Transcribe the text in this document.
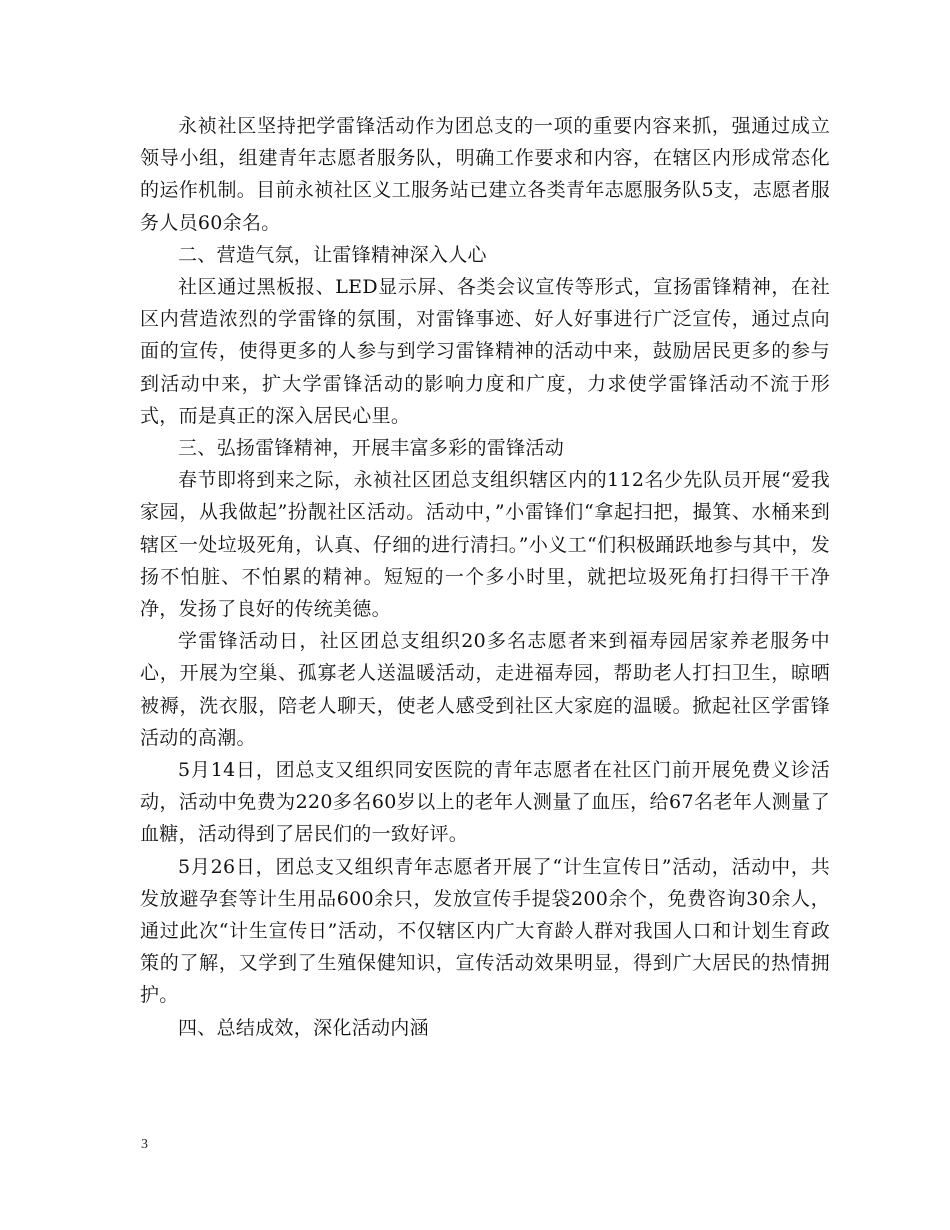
永祯社区坚持把学雷锋活动作为团总支的一项的重要内容来抓，强通过成立领导小组，组建青年志愿者服务队，明确工作要求和内容，在辖区内形成常态化的运作机制。目前永祯社区义工服务站已建立各类青年志愿服务队5支，志愿者服务人员60余名。

二、营造气氛，让雷锋精神深入人心

社区通过黑板报、LED显示屏、各类会议宣传等形式，宣扬雷锋精神，在社区内营造浓烈的学雷锋的氛围，对雷锋事迹、好人好事进行广泛宣传，通过点向面的宣传，使得更多的人参与到学习雷锋精神的活动中来，鼓励居民更多的参与到活动中来，扩大学雷锋活动的影响力度和广度，力求使学雷锋活动不流于形式，而是真正的深入居民心里。

三、弘扬雷锋精神，开展丰富多彩的雷锋活动

春节即将到来之际，永祯社区团总支组织辖区内的112名少先队员开展“爱我家园，从我做起”扮靓社区活动。活动中，”小雷锋们“拿起扫把，撮箕、水桶来到辖区一处垃圾死角，认真、仔细的进行清扫。”小义工“们积极踊跃地参与其中，发扬不怕脏、不怕累的精神。短短的一个多小时里，就把垃圾死角打扫得干干净净，发扬了良好的传统美德。

学雷锋活动日，社区团总支组织20多名志愿者来到福寿园居家养老服务中心，开展为空巢、孤寡老人送温暖活动，走进福寿园，帮助老人打扫卫生，晾晒被褥，洗衣服，陪老人聊天，使老人感受到社区大家庭的温暖。掀起社区学雷锋活动的高潮。

5月14日，团总支又组织同安医院的青年志愿者在社区门前开展免费义诊活动，活动中免费为220多名60岁以上的老年人测量了血压，给67名老年人测量了血糖，活动得到了居民们的一致好评。

5月26日，团总支又组织青年志愿者开展了“计生宣传日”活动，活动中，共发放避孕套等计生用品600余只，发放宣传手提袋200余个，免费咨询30余人，通过此次“计生宣传日”活动，不仅辖区内广大育龄人群对我国人口和计划生育政策的了解，又学到了生殖保健知识，宣传活动效果明显，得到广大居民的热情拥护。

四、总结成效，深化活动内涵

3
